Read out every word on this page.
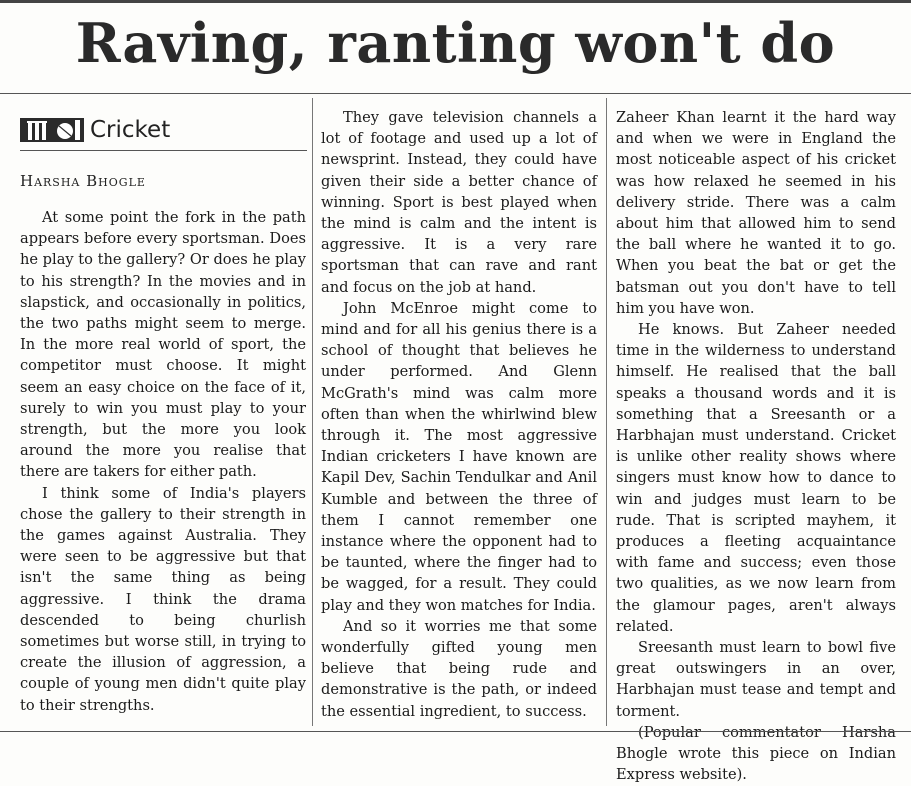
Raving, ranting won't do
Cricket
Harsha Bhogle

At some point the fork in the path appears before every sportsman. Does he play to the gallery? Or does he play to his strength? In the movies and in slapstick, and occasionally in politics, the two paths might seem to merge. In the more real world of sport, the competitor must choose. It might seem an easy choice on the face of it, surely to win you must play to your strength, but the more you look around the more you realise that there are takers for either path.

I think some of India's players chose the gallery to their strength in the games against Australia. They were seen to be aggressive but that isn't the same thing as being aggressive. I think the drama descended to being churlish sometimes but worse still, in trying to create the illusion of aggression, a couple of young men didn't quite play to their strengths.

They gave television channels a lot of footage and used up a lot of newsprint. Instead, they could have given their side a better chance of winning. Sport is best played when the mind is calm and the intent is aggressive. It is a very rare sportsman that can rave and rant and focus on the job at hand.

John McEnroe might come to mind and for all his genius there is a school of thought that believes he under performed. And Glenn McGrath's mind was calm more often than when the whirlwind blew through it. The most aggressive Indian cricketers I have known are Kapil Dev, Sachin Tendulkar and Anil Kumble and between the three of them I cannot remember one instance where the opponent had to be taunted, where the finger had to be wagged, for a result. They could play and they won matches for India.

And so it worries me that some wonderfully gifted young men believe that being rude and demonstrative is the path, or indeed the essential ingredient, to success.

Zaheer Khan learnt it the hard way and when we were in England the most noticeable aspect of his cricket was how relaxed he seemed in his delivery stride. There was a calm about him that allowed him to send the ball where he wanted it to go. When you beat the bat or get the batsman out you don't have to tell him you have won.

He knows. But Zaheer needed time in the wilderness to understand himself. He realised that the ball speaks a thousand words and it is something that a Sreesanth or a Harbhajan must understand. Cricket is unlike other reality shows where singers must know how to dance to win and judges must learn to be rude. That is scripted mayhem, it produces a fleeting acquaintance with fame and success; even those two qualities, as we now learn from the glamour pages, aren't always related.

Sreesanth must learn to bowl five great outswingers in an over, Harbhajan must tease and tempt and torment.

(Popular commentator Harsha Bhogle wrote this piece on Indian Express website).
